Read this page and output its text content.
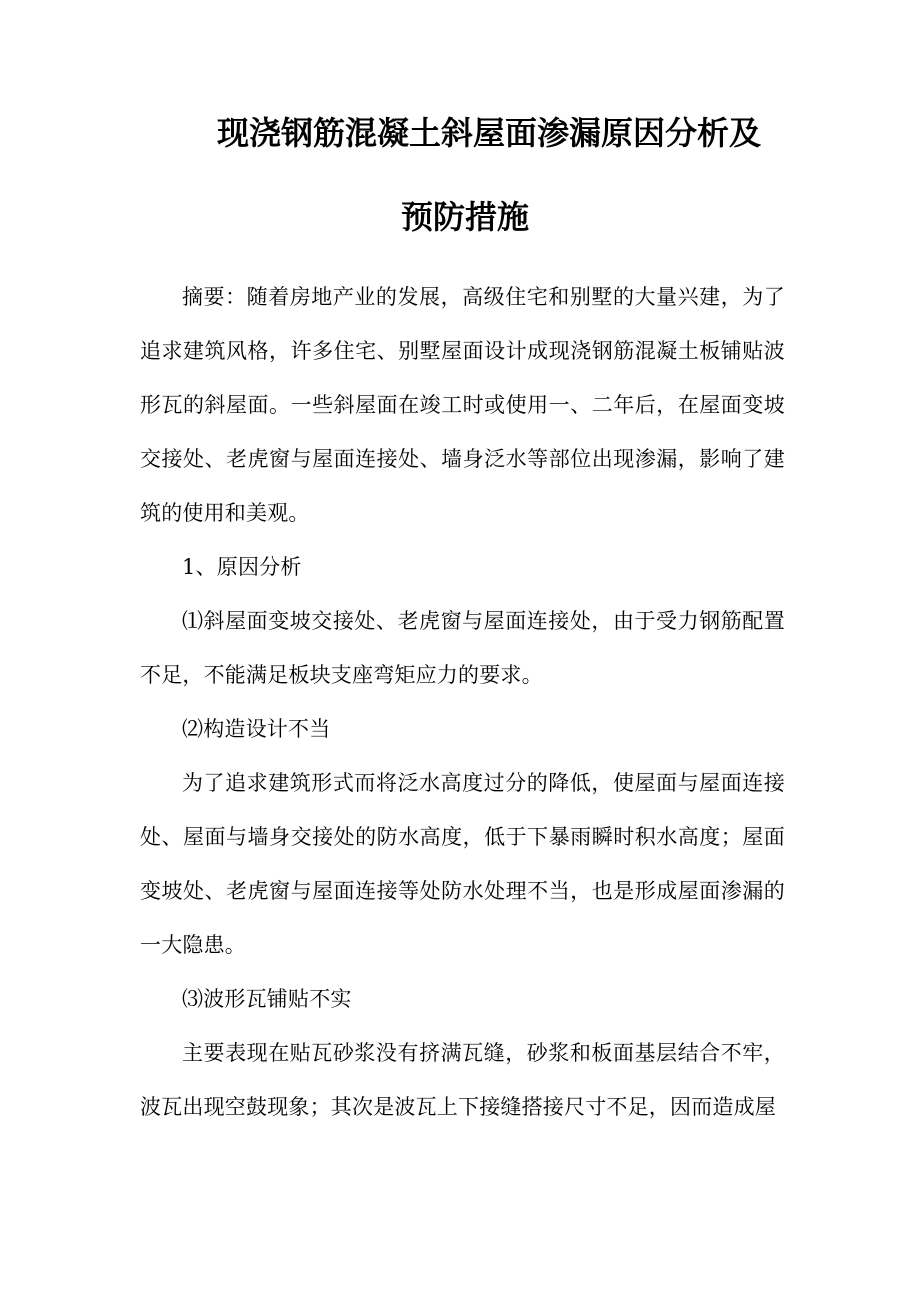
现浇钢筋混凝土斜屋面渗漏原因分析及
预防措施

摘要：随着房地产业的发展，高级住宅和别墅的大量兴建，为了追求建筑风格，许多住宅、别墅屋面设计成现浇钢筋混凝土板铺贴波形瓦的斜屋面。一些斜屋面在竣工时或使用一、二年后，在屋面变坡交接处、老虎窗与屋面连接处、墙身泛水等部位出现渗漏，影响了建筑的使用和美观。

1、原因分析

⑴斜屋面变坡交接处、老虎窗与屋面连接处，由于受力钢筋配置不足，不能满足板块支座弯矩应力的要求。

⑵构造设计不当

为了追求建筑形式而将泛水高度过分的降低，使屋面与屋面连接处、屋面与墙身交接处的防水高度，低于下暴雨瞬时积水高度；屋面变坡处、老虎窗与屋面连接等处防水处理不当，也是形成屋面渗漏的一大隐患。

⑶波形瓦铺贴不实

主要表现在贴瓦砂浆没有挤满瓦缝，砂浆和板面基层结合不牢，波瓦出现空鼓现象；其次是波瓦上下接缝搭接尺寸不足，因而造成屋
